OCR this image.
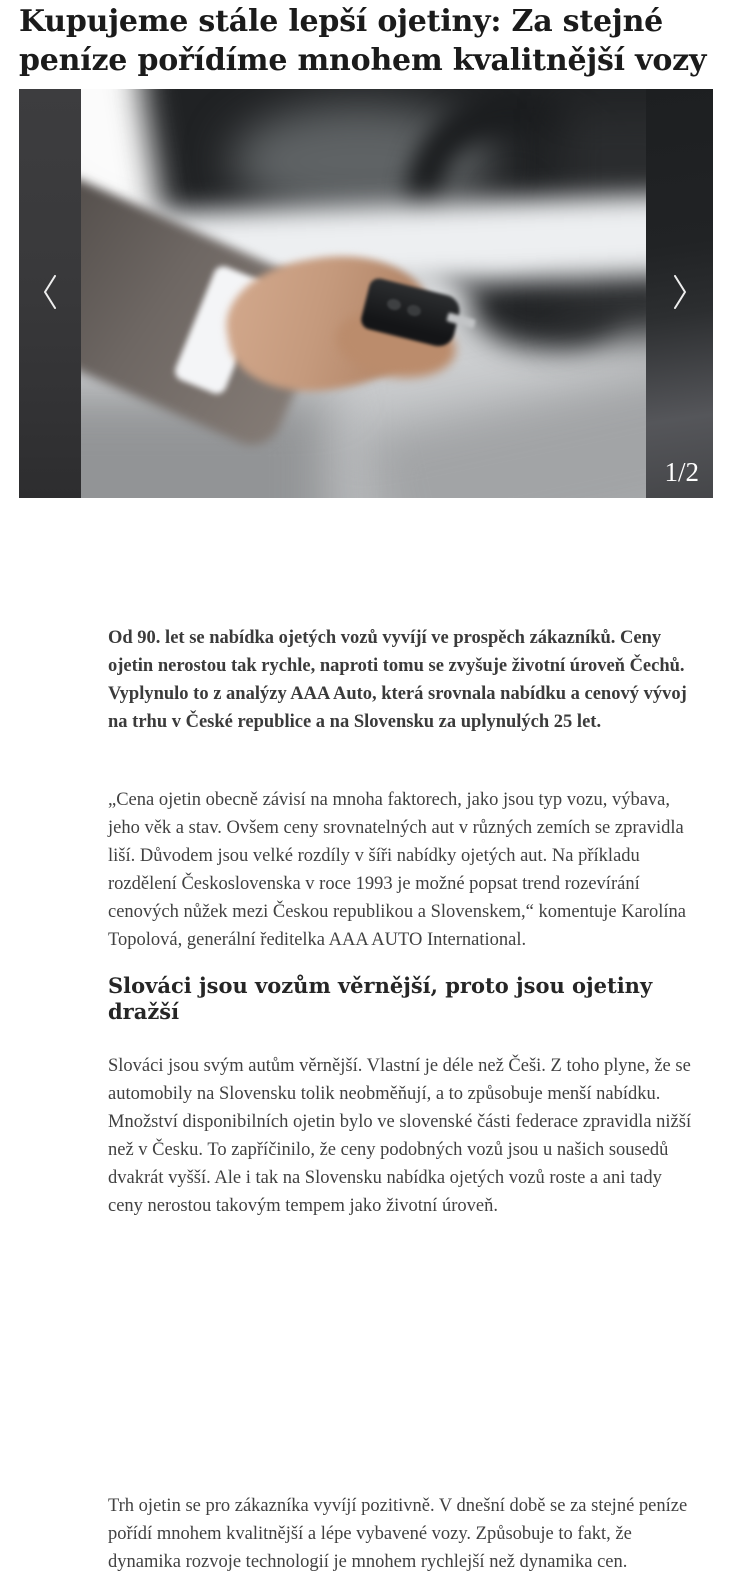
Kupujeme stále lepší ojetiny: Za stejné peníze pořídíme mnohem kvalitnější vozy
1/2

Od 90. let se nabídka ojetých vozů vyvíjí ve prospěch zákazníků. Ceny ojetin nerostou tak rychle, naproti tomu se zvyšuje životní úroveň Čechů. Vyplynulo to z analýzy AAA Auto, která srovnala nabídku a cenový vývoj na trhu v České republice a na Slovensku za uplynulých 25 let.

„Cena ojetin obecně závisí na mnoha faktorech, jako jsou typ vozu, výbava, jeho věk a stav. Ovšem ceny srovnatelných aut v různých zemích se zpravidla liší. Důvodem jsou velké rozdíly v šíři nabídky ojetých aut. Na příkladu rozdělení Československa v roce 1993 je možné popsat trend rozevírání cenových nůžek mezi Českou republikou a Slovenskem,“ komentuje Karolína Topolová, generální ředitelka AAA AUTO International.

Slováci jsou vozům věrnější, proto jsou ojetiny dražší

Slováci jsou svým autům věrnější. Vlastní je déle než Češi. Z toho plyne, že se automobily na Slovensku tolik neobměňují, a to způsobuje menší nabídku. Množství disponibilních ojetin bylo ve slovenské části federace zpravidla nižší než v Česku. To zapříčinilo, že ceny podobných vozů jsou u našich sousedů dvakrát vyšší. Ale i tak na Slovensku nabídka ojetých vozů roste a ani tady ceny nerostou takovým tempem jako životní úroveň.

Trh ojetin se pro zákazníka vyvíjí pozitivně. V dnešní době se za stejné peníze pořídí mnohem kvalitnější a lépe vybavené vozy. Způsobuje to fakt, že dynamika rozvoje technologií je mnohem rychlejší než dynamika cen.
